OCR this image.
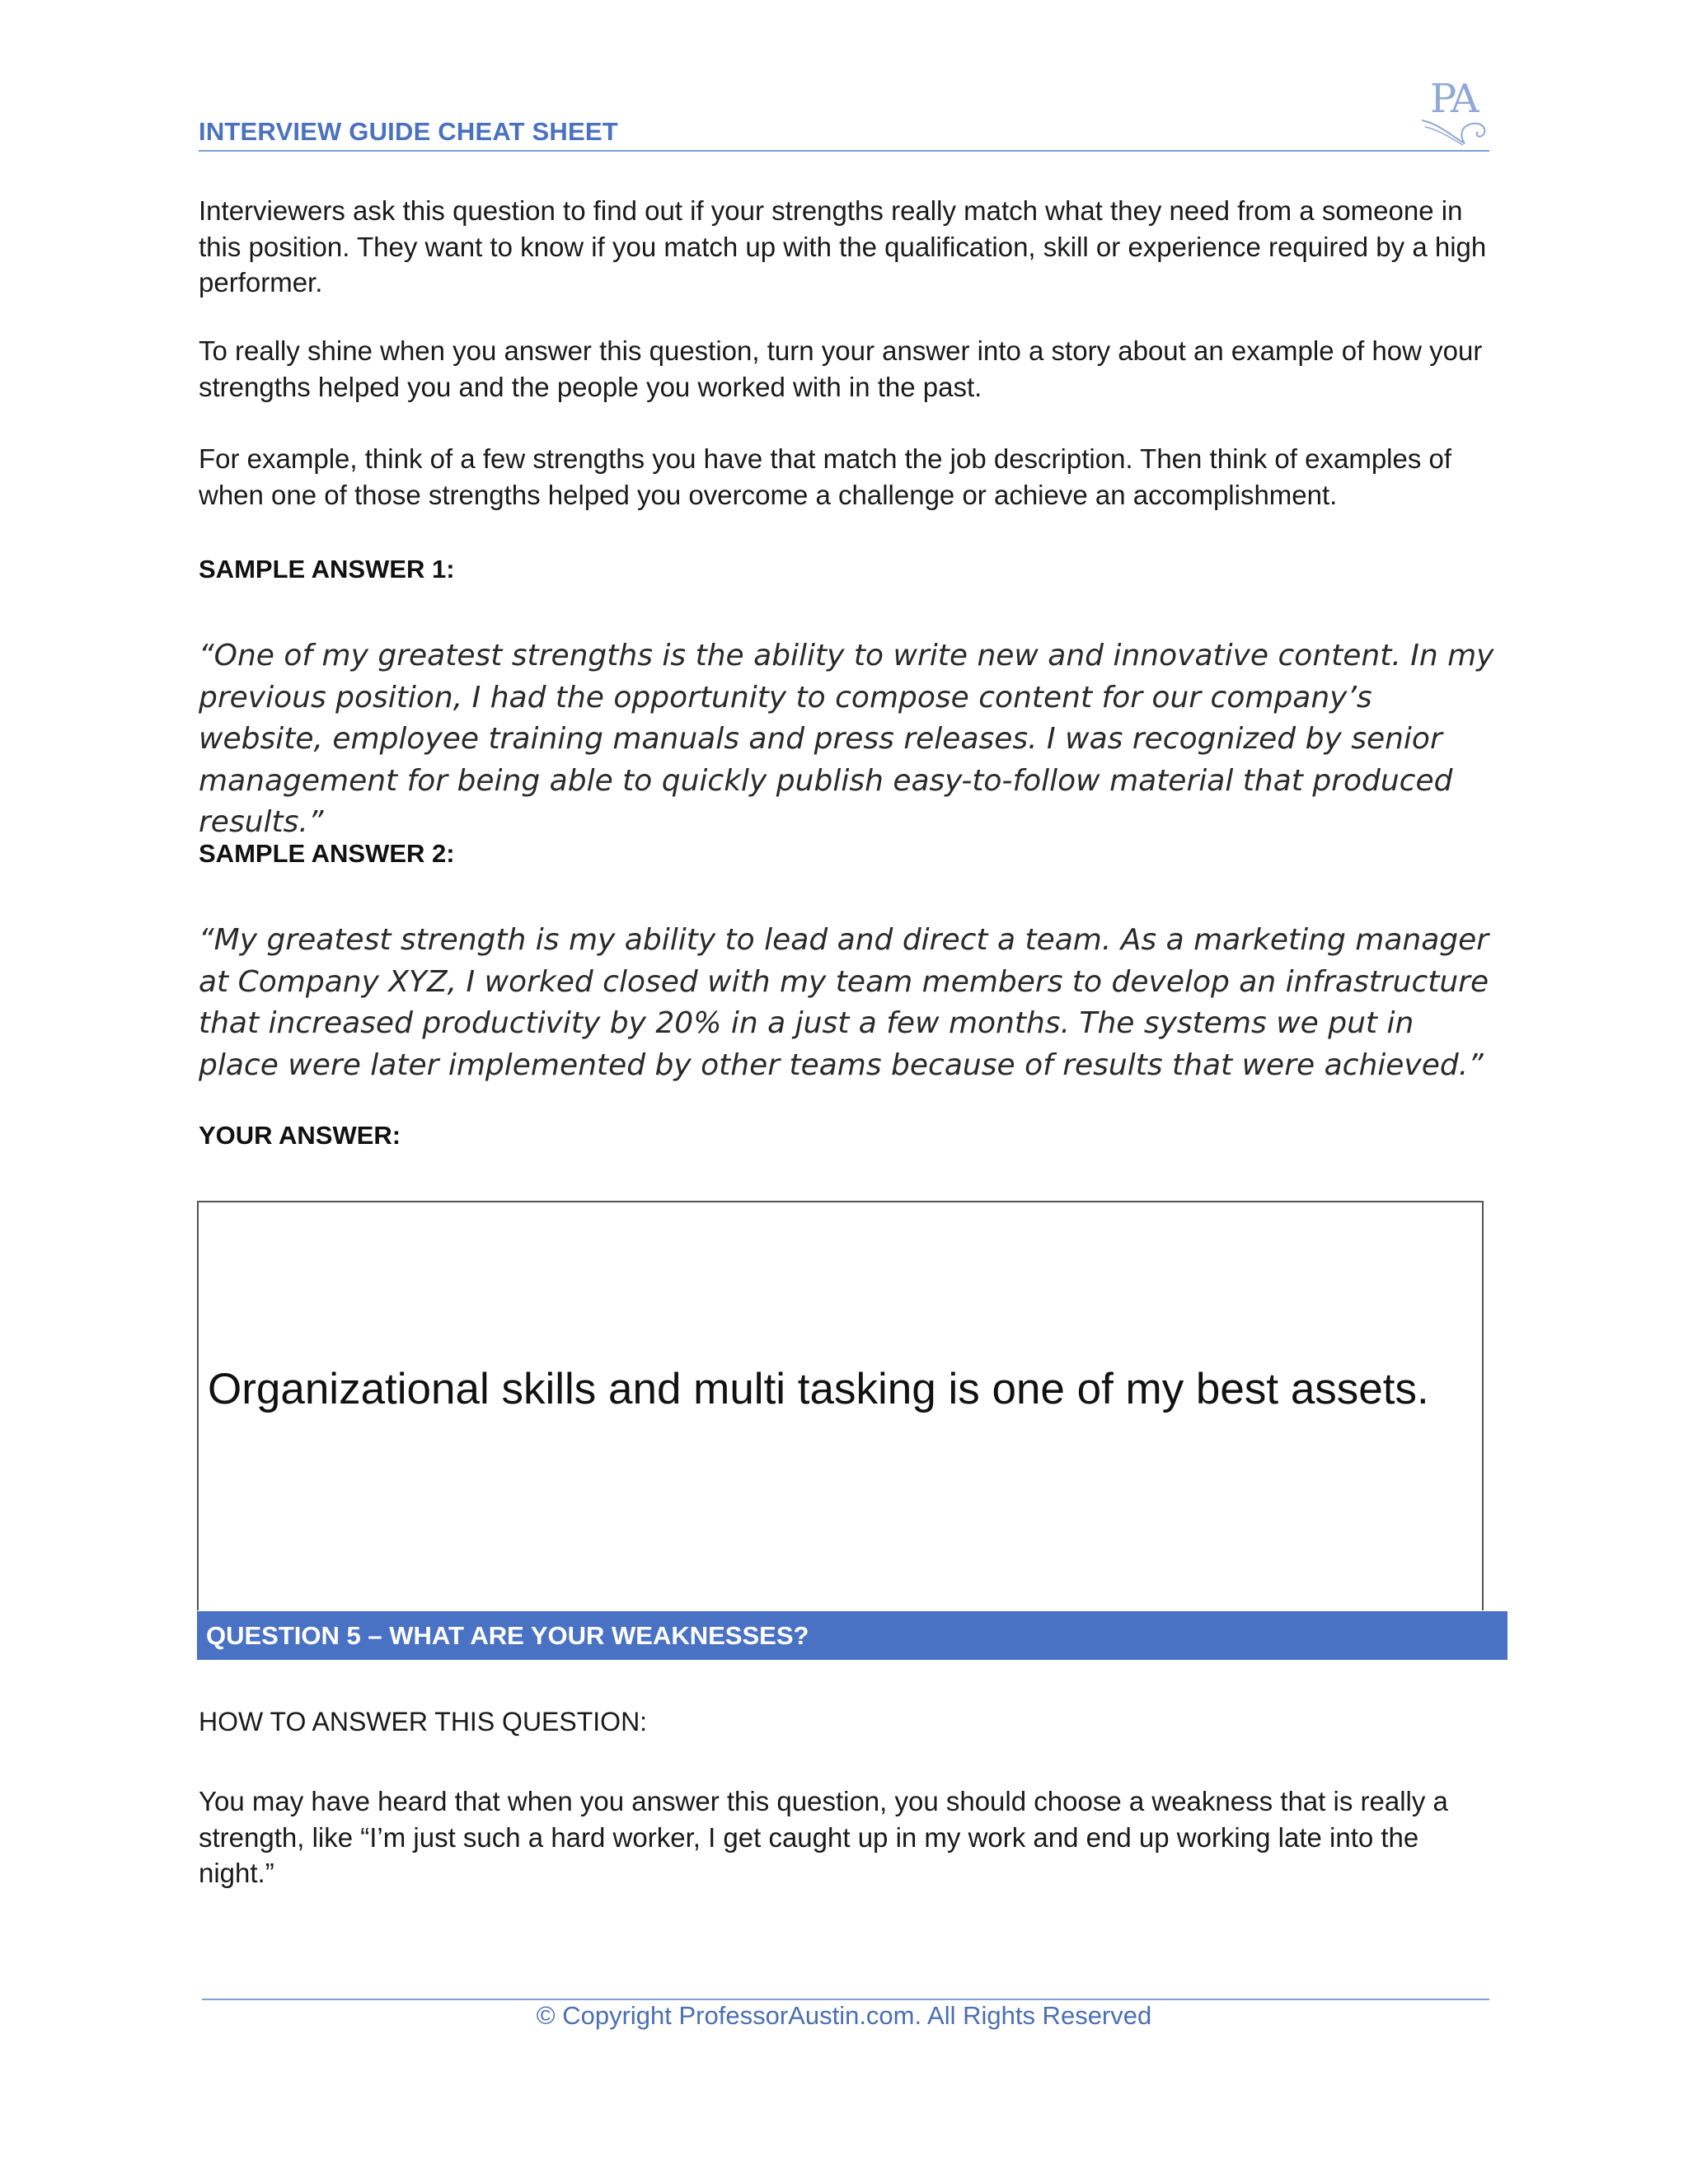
INTERVIEW GUIDE CHEAT SHEET
PA
Interviewers ask this question to find out if your strengths really match what they need from a someone in this position. They want to know if you match up with the qualification, skill or experience required by a high performer.
To really shine when you answer this question, turn your answer into a story about an example of how your strengths helped you and the people you worked with in the past.
For example, think of a few strengths you have that match the job description. Then think of examples of when one of those strengths helped you overcome a challenge or achieve an accomplishment.
SAMPLE ANSWER 1:
“One of my greatest strengths is the ability to write new and innovative content. In my previous position, I had the opportunity to compose content for our company’s website, employee training manuals and press releases. I was recognized by senior management for being able to quickly publish easy-to-follow material that produced results.”
SAMPLE ANSWER 2:
“My greatest strength is my ability to lead and direct a team. As a marketing manager at Company XYZ, I worked closed with my team members to develop an infrastructure that increased productivity by 20% in a just a few months. The systems we put in place were later implemented by other teams because of results that were achieved.”
YOUR ANSWER:
Organizational skills and multi tasking is one of my best assets.
QUESTION 5 – WHAT ARE YOUR WEAKNESSES?
HOW TO ANSWER THIS QUESTION:
You may have heard that when you answer this question, you should choose a weakness that is really a strength, like “I’m just such a hard worker, I get caught up in my work and end up working late into the night.”
© Copyright ProfessorAustin.com. All Rights Reserved
